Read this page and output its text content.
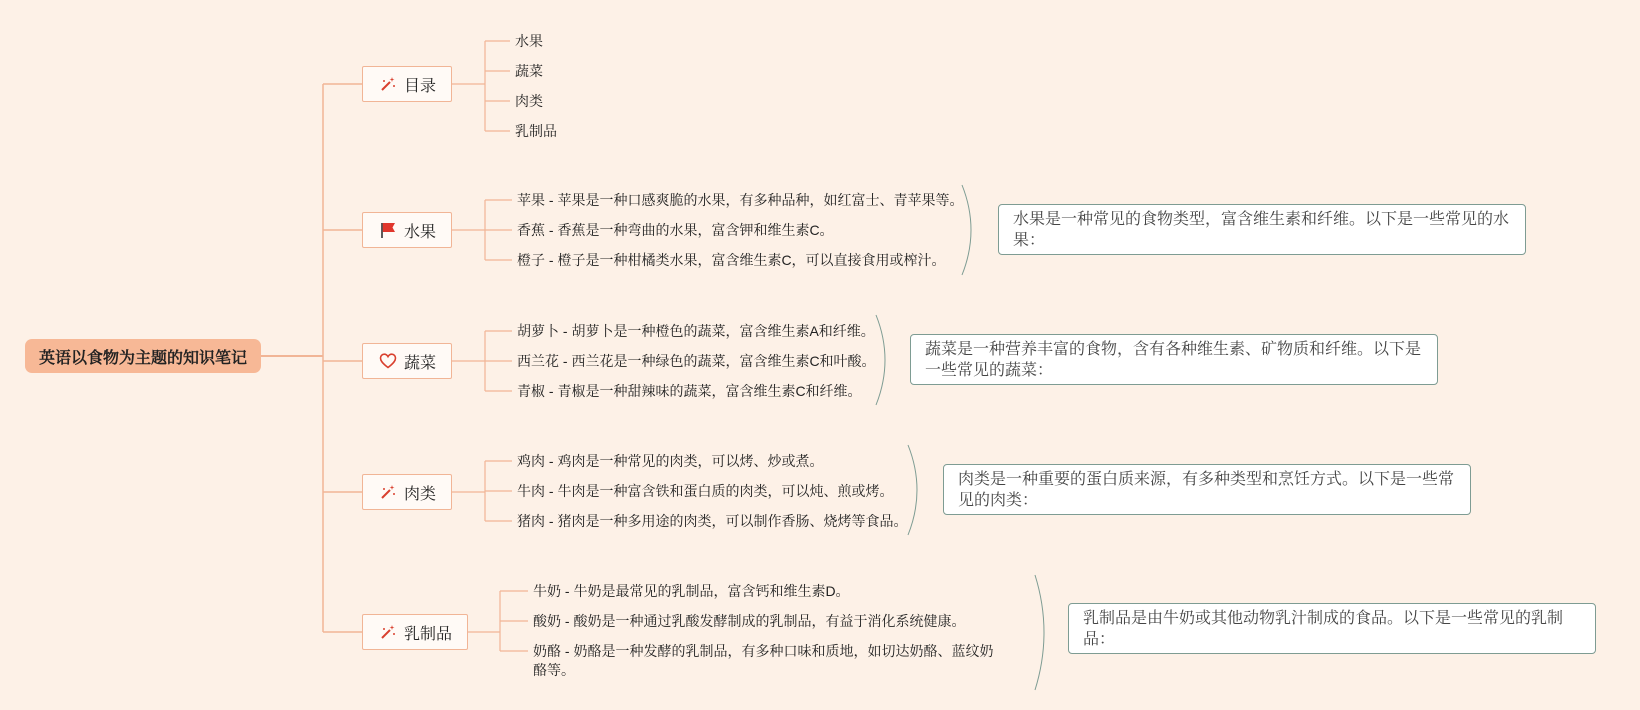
英语以食物为主题的知识笔记
目录
水果
蔬菜
肉类
乳制品
水果
苹果 - 苹果是一种口感爽脆的水果，有多种品种，如红富士、青苹果等。
香蕉 - 香蕉是一种弯曲的水果，富含钾和维生素C。
橙子 - 橙子是一种柑橘类水果，富含维生素C，可以直接食用或榨汁。
水果是一种常见的食物类型，富含维生素和纤维。以下是一些常见的水果：
蔬菜
胡萝卜 - 胡萝卜是一种橙色的蔬菜，富含维生素A和纤维。
西兰花 - 西兰花是一种绿色的蔬菜，富含维生素C和叶酸。
青椒 - 青椒是一种甜辣味的蔬菜，富含维生素C和纤维。
蔬菜是一种营养丰富的食物，含有各种维生素、矿物质和纤维。以下是一些常见的蔬菜：
肉类
鸡肉 - 鸡肉是一种常见的肉类，可以烤、炒或煮。
牛肉 - 牛肉是一种富含铁和蛋白质的肉类，可以炖、煎或烤。
猪肉 - 猪肉是一种多用途的肉类，可以制作香肠、烧烤等食品。
肉类是一种重要的蛋白质来源，有多种类型和烹饪方式。以下是一些常见的肉类：
乳制品
牛奶 - 牛奶是最常见的乳制品，富含钙和维生素D。
酸奶 - 酸奶是一种通过乳酸发酵制成的乳制品，有益于消化系统健康。
奶酪 - 奶酪是一种发酵的乳制品，有多种口味和质地，如切达奶酪、蓝纹奶酪等。
乳制品是由牛奶或其他动物乳汁制成的食品。以下是一些常见的乳制品：
